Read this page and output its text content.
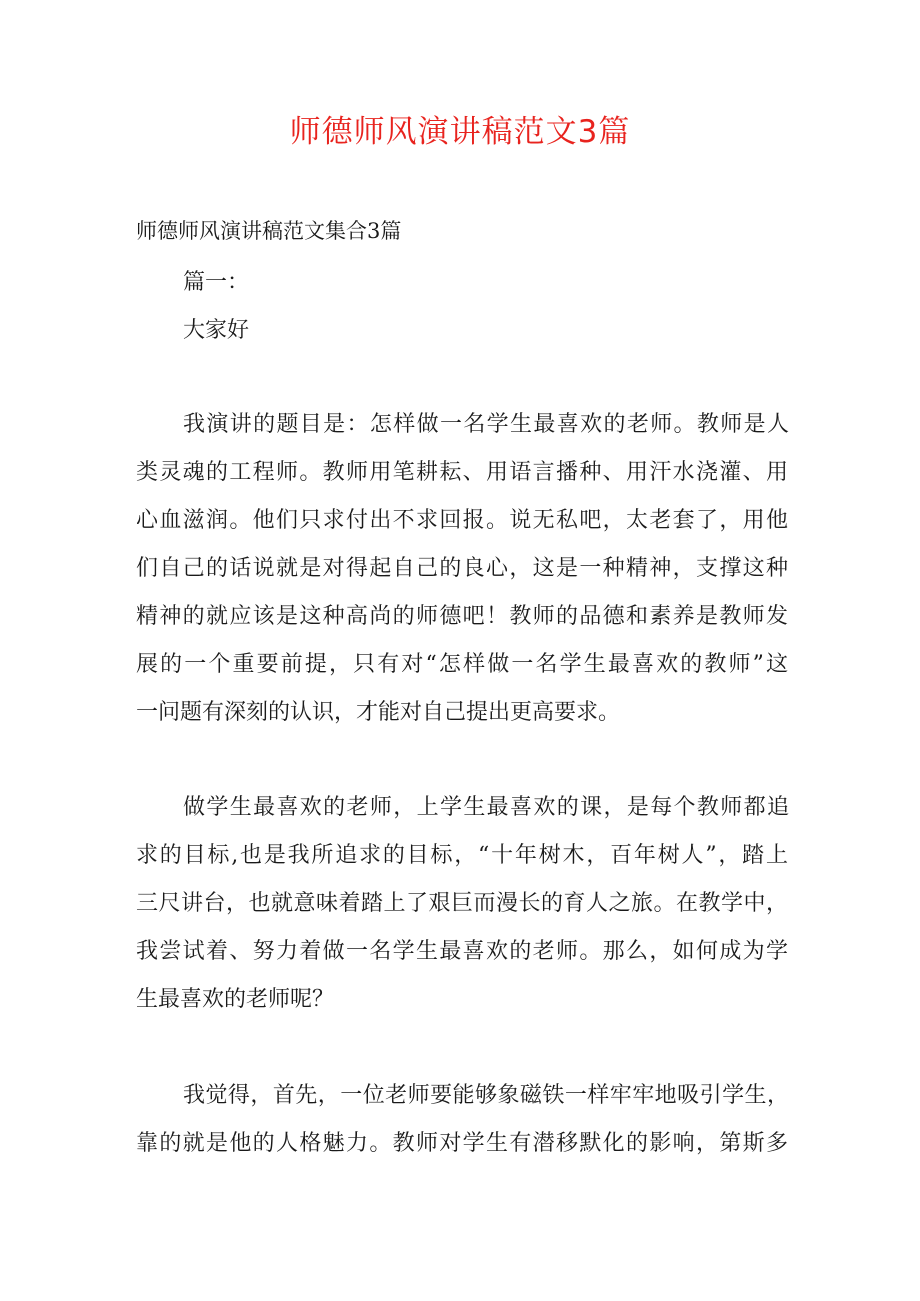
师德师风演讲稿范文3篇

师德师风演讲稿范文集合3篇

篇一：

大家好

我演讲的题目是：怎样做一名学生最喜欢的老师。教师是人

类灵魂的工程师。教师用笔耕耘、用语言播种、用汗水浇灌、用

心血滋润。他们只求付出不求回报。说无私吧，太老套了，用他

们自己的话说就是对得起自己的良心，这是一种精神，支撑这种

精神的就应该是这种高尚的师德吧！教师的品德和素养是教师发

展的一个重要前提，只有对“怎样做一名学生最喜欢的教师”这

一问题有深刻的认识，才能对自己提出更高要求。

做学生最喜欢的老师，上学生最喜欢的课，是每个教师都追

求的目标,也是我所追求的目标，“十年树木，百年树人”，踏上

三尺讲台，也就意味着踏上了艰巨而漫长的育人之旅。在教学中，

我尝试着、努力着做一名学生最喜欢的老师。那么，如何成为学

生最喜欢的老师呢？

我觉得，首先，一位老师要能够象磁铁一样牢牢地吸引学生，

靠的就是他的人格魅力。教师对学生有潜移默化的影响，第斯多
